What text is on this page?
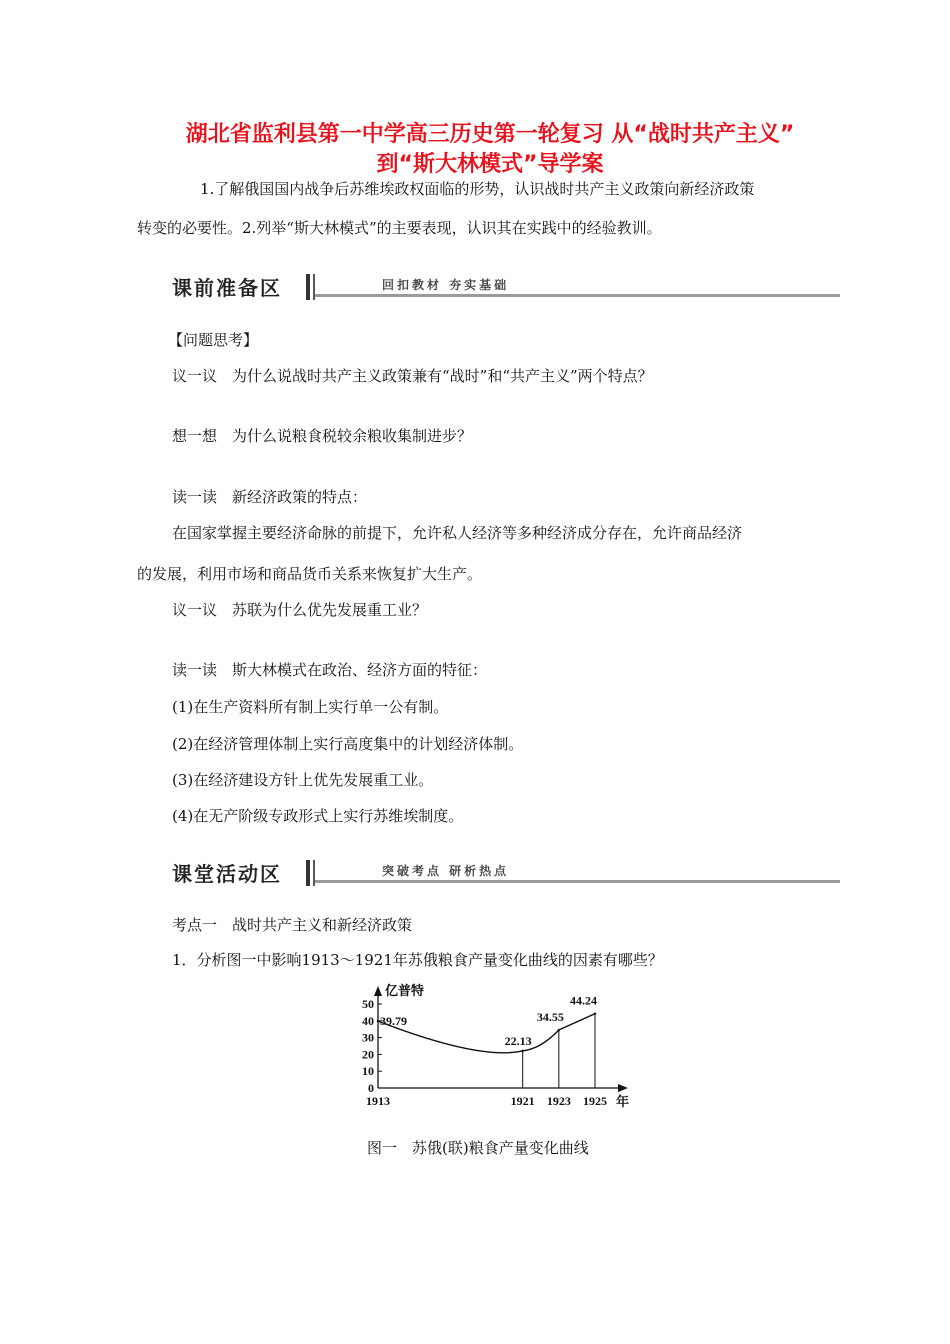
湖北省监利县第一中学高三历史第一轮复习 从“战时共产主义”
到“斯大林模式”导学案
1.了解俄国国内战争后苏维埃政权面临的形势，认识战时共产主义政策向新经济政策
转变的必要性。2.列举“斯大林模式”的主要表现，认识其在实践中的经验教训。
课前准备区	回扣教材 夯实基础
【问题思考】
议一议　为什么说战时共产主义政策兼有“战时”和“共产主义”两个特点？
想一想　为什么说粮食税较余粮收集制进步？
读一读　新经济政策的特点：
在国家掌握主要经济命脉的前提下，允许私人经济等多种经济成分存在，允许商品经济
的发展，利用市场和商品货币关系来恢复扩大生产。
议一议　苏联为什么优先发展重工业？
读一读　斯大林模式在政治、经济方面的特征：
(1)在生产资料所有制上实行单一公有制。
(2)在经济管理体制上实行高度集中的计划经济体制。
(3)在经济建设方针上优先发展重工业。
(4)在无产阶级专政形式上实行苏维埃制度。
课堂活动区	突破考点 研析热点
考点一　战时共产主义和新经济政策
1．分析图一中影响1913～1921年苏俄粮食产量变化曲线的因素有哪些？
0
10
20
30
40
50
亿普特
1913	1921 1923 1925 年
39.79
22.13
34.55
44.24
图一　苏俄(联)粮食产量变化曲线
